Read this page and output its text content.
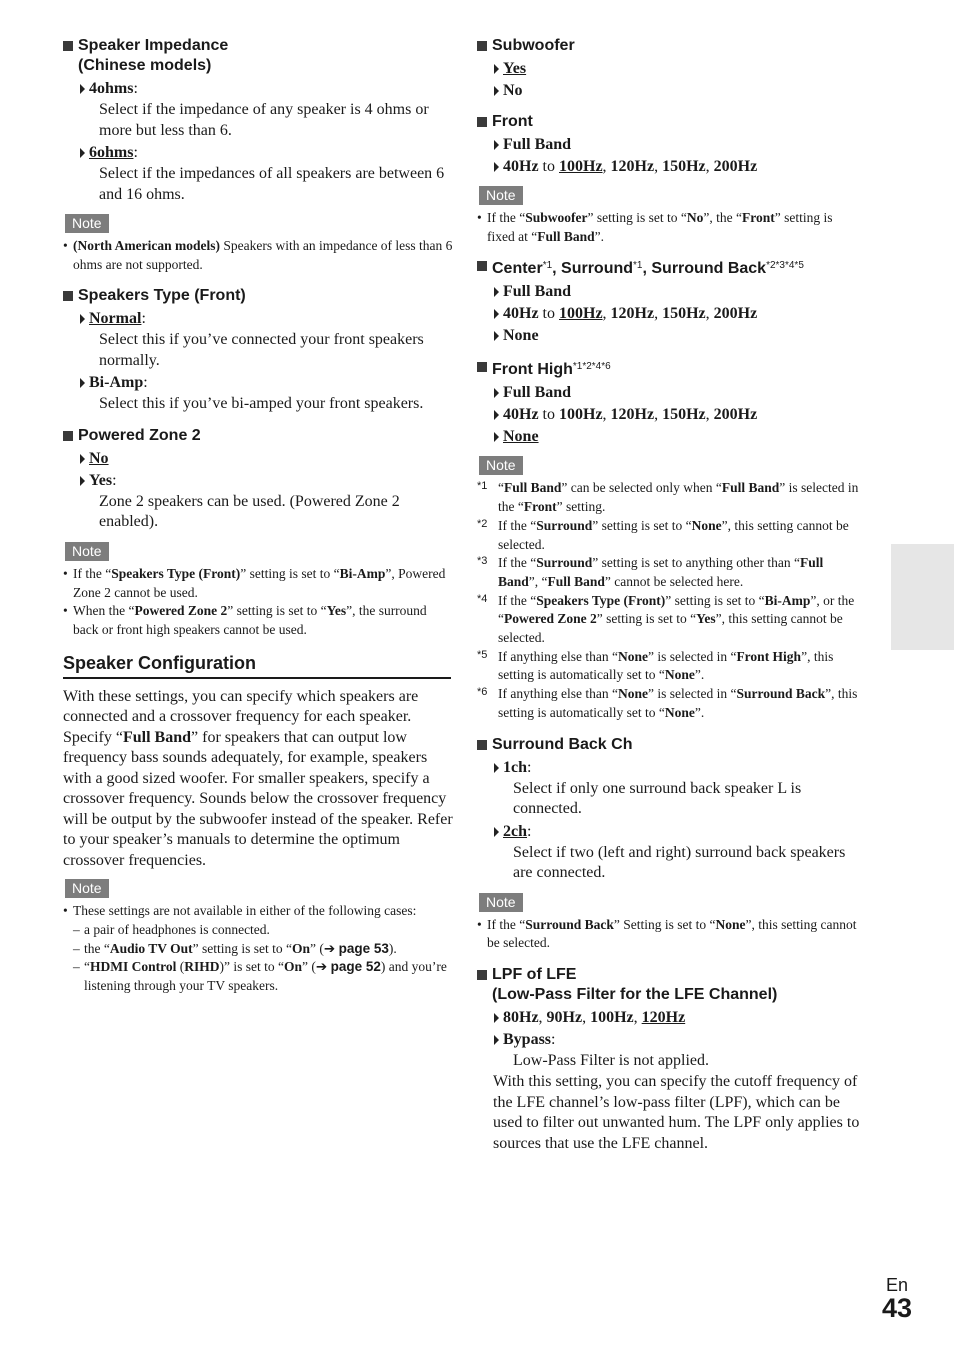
Speaker Impedance
(Chinese models)
4ohms:
Select if the impedance of any speaker is 4 ohms or more but less than 6.
6ohms:
Select if the impedances of all speakers are between 6 and 16 ohms.
Note
• (North American models) Speakers with an impedance of less than 6 ohms are not supported.
Speakers Type (Front)
Normal:
Select this if you’ve connected your front speakers normally.
Bi-Amp:
Select this if you’ve bi-amped your front speakers.
Powered Zone 2
No
Yes:
Zone 2 speakers can be used. (Powered Zone 2 enabled).
Note
• If the “Speakers Type (Front)” setting is set to “Bi-Amp”, Powered Zone 2 cannot be used.
• When the “Powered Zone 2” setting is set to “Yes”, the surround back or front high speakers cannot be used.
Speaker Configuration
With these settings, you can specify which speakers are connected and a crossover frequency for each speaker. Specify “Full Band” for speakers that can output low frequency bass sounds adequately, for example, speakers with a good sized woofer. For smaller speakers, specify a crossover frequency. Sounds below the crossover frequency will be output by the subwoofer instead of the speaker. Refer to your speaker’s manuals to determine the optimum crossover frequencies.
Note
• These settings are not available in either of the following cases:
– a pair of headphones is connected.
– the “Audio TV Out” setting is set to “On” (➔ page 53).
– “HDMI Control (RIHD)” is set to “On” (➔ page 52) and you’re listening through your TV speakers.
Subwoofer
Yes
No
Front
Full Band
40Hz to 100Hz, 120Hz, 150Hz, 200Hz
Note
• If the “Subwoofer” setting is set to “No”, the “Front” setting is fixed at “Full Band”.
Center$^{*1}$, Surround$^{*1}$, Surround Back$^{*2*3*4*5}$
Full Band
40Hz to 100Hz, 120Hz, 150Hz, 200Hz
None
Front High$^{*1*2*4*6}$
Full Band
40Hz to 100Hz, 120Hz, 150Hz, 200Hz
None
Note
*1 “Full Band” can be selected only when “Full Band” is selected in the “Front” setting.
*2 If the “Surround” setting is set to “None”, this setting cannot be selected.
*3 If the “Surround” setting is set to anything other than “Full Band”, “Full Band” cannot be selected here.
*4 If the “Speakers Type (Front)” setting is set to “Bi-Amp”, or the “Powered Zone 2” setting is set to “Yes”, this setting cannot be selected.
*5 If anything else than “None” is selected in “Front High”, this setting is automatically set to “None”.
*6 If anything else than “None” is selected in “Surround Back”, this setting is automatically set to “None”.
Surround Back Ch
1ch:
Select if only one surround back speaker L is connected.
2ch:
Select if two (left and right) surround back speakers are connected.
Note
• If the “Surround Back” Setting is set to “None”, this setting cannot be selected.
LPF of LFE
(Low-Pass Filter for the LFE Channel)
80Hz, 90Hz, 100Hz, 120Hz
Bypass:
Low-Pass Filter is not applied.
With this setting, you can specify the cutoff frequency of the LFE channel’s low-pass filter (LPF), which can be used to filter out unwanted hum. The LPF only applies to sources that use the LFE channel.
En
43
